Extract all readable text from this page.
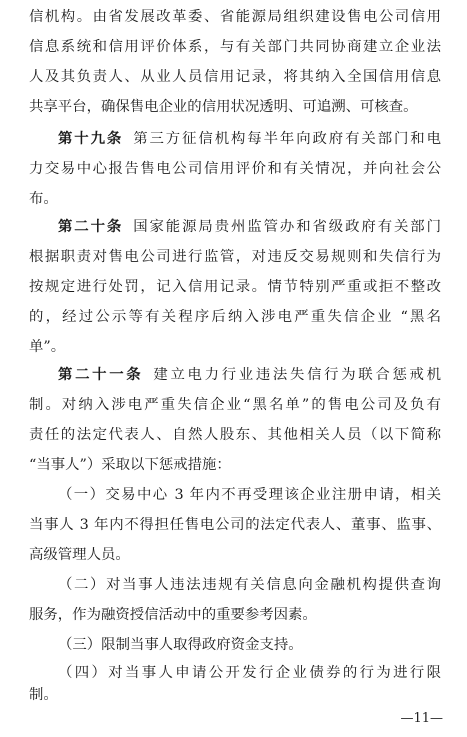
信机构。由省发展改革委、省能源局组织建设售电公司信用
信息系统和信用评价体系，与有关部门共同协商建立企业法
人及其负责人、从业人员信用记录，将其纳入全国信用信息
共享平台，确保售电企业的信用状况透明、可追溯、可核查。
第十九条 第三方征信机构每半年向政府有关部门和电
力交易中心报告售电公司信用评价和有关情况，并向社会公
布。
第二十条 国家能源局贵州监管办和省级政府有关部门
根据职责对售电公司进行监管，对违反交易规则和失信行为
按规定进行处罚，记入信用记录。情节特别严重或拒不整改
的，经过公示等有关程序后纳入涉电严重失信企业 “黑名
单”。
第二十一条 建立电力行业违法失信行为联合惩戒机
制。对纳入涉电严重失信企业“黑名单”的售电公司及负有
责任的法定代表人、自然人股东、其他相关人员（以下简称
“当事人”）采取以下惩戒措施：
（一）交易中心 3 年内不再受理该企业注册申请，相关
当事人 3 年内不得担任售电公司的法定代表人、董事、监事、
高级管理人员。
（二）对当事人违法违规有关信息向金融机构提供查询
服务，作为融资授信活动中的重要参考因素。
（三）限制当事人取得政府资金支持。
（四）对当事人申请公开发行企业债券的行为进行限
制。
—11—
